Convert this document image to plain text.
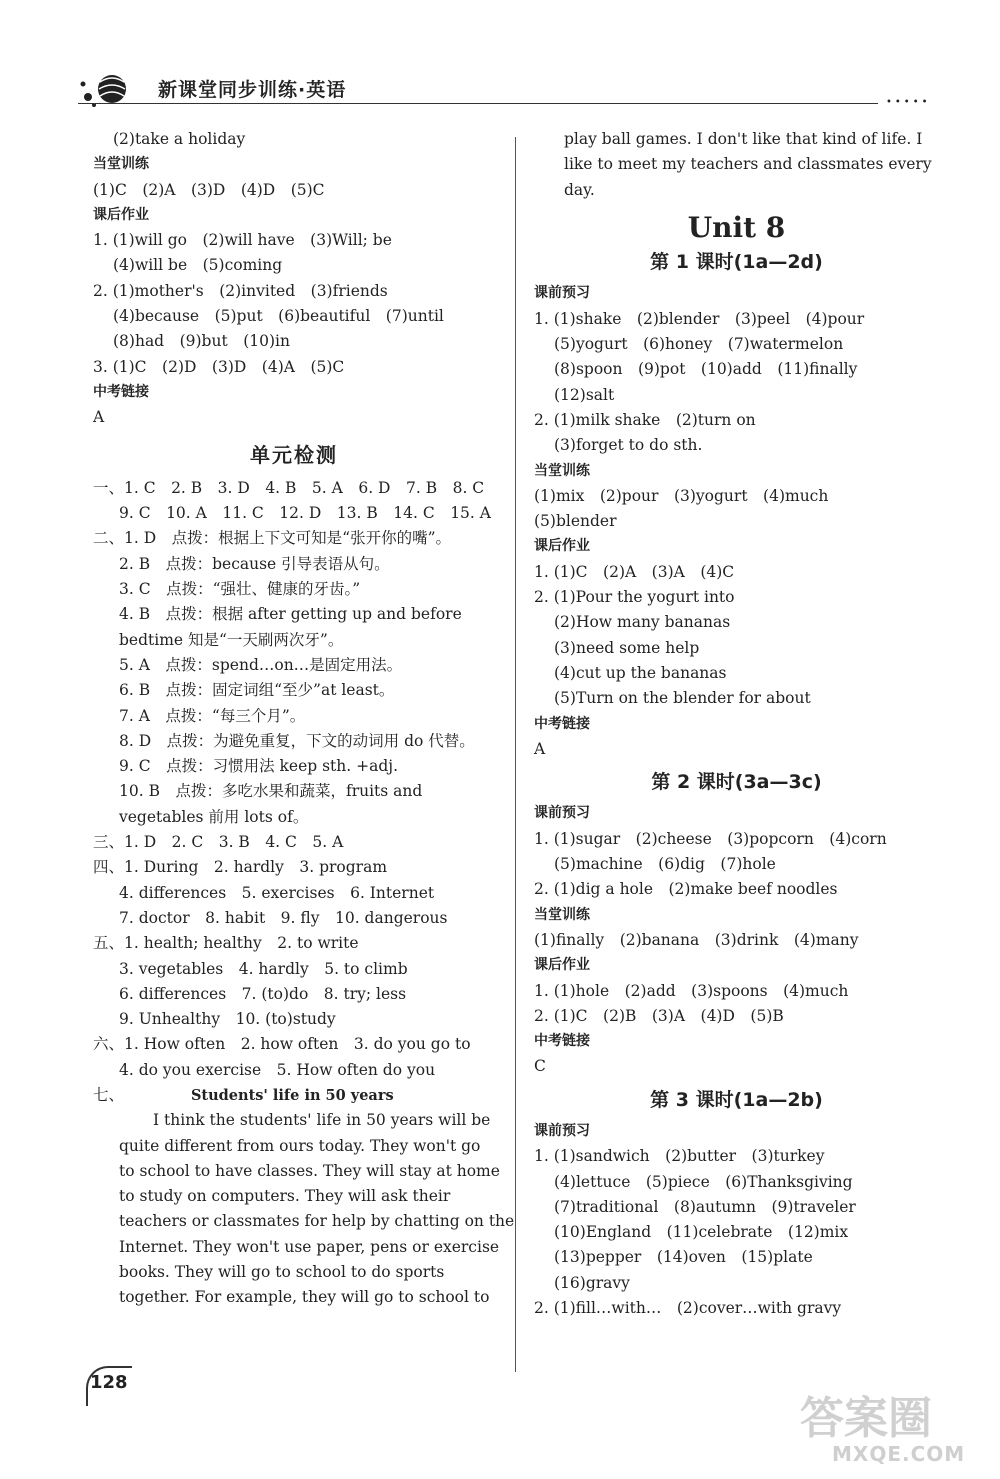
新课堂同步训练·英语
•••••
(2)take a holiday
当堂训练
(1)C　(2)A　(3)D　(4)D　(5)C
课后作业
1. (1)will go　(2)will have　(3)Will; be
(4)will be　(5)coming
2. (1)mother's　(2)invited　(3)friends
(4)because　(5)put　(6)beautiful　(7)until
(8)had　(9)but　(10)in
3. (1)C　(2)D　(3)D　(4)A　(5)C
中考链接
A
单元检测
一、1. C　2. B　3. D　4. B　5. A　6. D　7. B　8. C
9. C　10. A　11. C　12. D　13. B　14. C　15. A
二、1. D　点拨：根据上下文可知是“张开你的嘴”。
2. B　点拨：because 引导表语从句。
3. C　点拨：“强壮、健康的牙齿。”
4. B　点拨：根据 after getting up and before bedtime 知是“一天刷两次牙”。
5. A　点拨：spend…on…是固定用法。
6. B　点拨：固定词组“至少”at least。
7. A　点拨：“每三个月”。
8. D　点拨：为避免重复，下文的动词用 do 代替。
9. C　点拨：习惯用法 keep sth. +adj.
10. B　点拨：多吃水果和蔬菜，fruits and vegetables 前用 lots of。
三、1. D　2. C　3. B　4. C　5. A
四、1. During　2. hardly　3. program
4. differences　5. exercises　6. Internet
7. doctor　8. habit　9. fly　10. dangerous
五、1. health; healthy　2. to write
3. vegetables　4. hardly　5. to climb
6. differences　7. (to)do　8. try; less
9. Unhealthy　10. (to)study
六、1. How often　2. how often　3. do you go to
4. do you exercise　5. How often do you
七、	Students' life in 50 years
I think the students' life in 50 years will be
quite different from ours today. They won't go
to school to have classes. They will stay at home
to study on computers. They will ask their
teachers or classmates for help by chatting on the
Internet. They won't use paper, pens or exercise
books. They will go to school to do sports
together. For example, they will go to school to
play ball games. I don't like that kind of life. I
like to meet my teachers and classmates every
day.
Unit 8
第 1 课时(1a—2d)
课前预习
1. (1)shake　(2)blender　(3)peel　(4)pour
(5)yogurt　(6)honey　(7)watermelon
(8)spoon　(9)pot　(10)add　(11)finally
(12)salt
2. (1)milk shake　(2)turn on
(3)forget to do sth.
当堂训练
(1)mix　(2)pour　(3)yogurt　(4)much
(5)blender
课后作业
1. (1)C　(2)A　(3)A　(4)C
2. (1)Pour the yogurt into
(2)How many bananas
(3)need some help
(4)cut up the bananas
(5)Turn on the blender for about
中考链接
A
第 2 课时(3a—3c)
课前预习
1. (1)sugar　(2)cheese　(3)popcorn　(4)corn
(5)machine　(6)dig　(7)hole
2. (1)dig a hole　(2)make beef noodles
当堂训练
(1)finally　(2)banana　(3)drink　(4)many
课后作业
1. (1)hole　(2)add　(3)spoons　(4)much
2. (1)C　(2)B　(3)A　(4)D　(5)B
中考链接
C
第 3 课时(1a—2b)
课前预习
1. (1)sandwich　(2)butter　(3)turkey
(4)lettuce　(5)piece　(6)Thanksgiving
(7)traditional　(8)autumn　(9)traveler
(10)England　(11)celebrate　(12)mix
(13)pepper　(14)oven　(15)plate
(16)gravy
2. (1)fill…with…　(2)cover…with gravy
128
答案圈
MXQE.COM
